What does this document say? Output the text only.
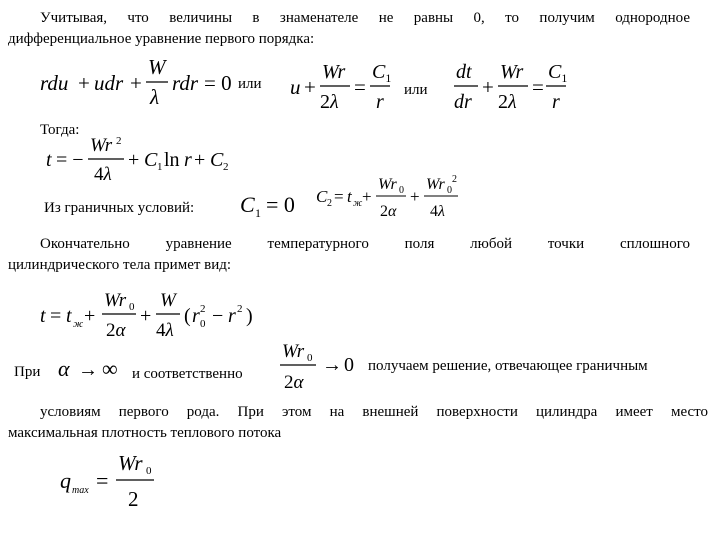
Учитывая, что величины в знаменателе не равны 0, то получим однородное
дифференциальное уравнение первого порядка:
rdu + udr +
W
λ
rdr = 0 или u +
Wr
2λ
=
$C_1$
r
или
dt
dr
+
Wr
2λ
=
$C_1$
r
Тогда:
t = −
Wr 2
4λ
+ C 1 ln r + C 2
Из граничных условий: C 1 = 0 C 2 = t ж +
Wr 0
2α
+
Wr 0
2
4λ
Окончательно уравнение температурного поля любой точки сплошного
цилиндрического тела примет вид:
t = t ж +
Wr 0
2α
+
W
4λ
( r 0
2 − r 2 )
При α → ∞ и соответственно
Wr 0
2α
→ 0 получаем решение, отвечающее граничным
условиям первого рода. При этом на внешней поверхности цилиндра имеет место
максимальная плотность теплового потока
q max =
Wr 0
2
